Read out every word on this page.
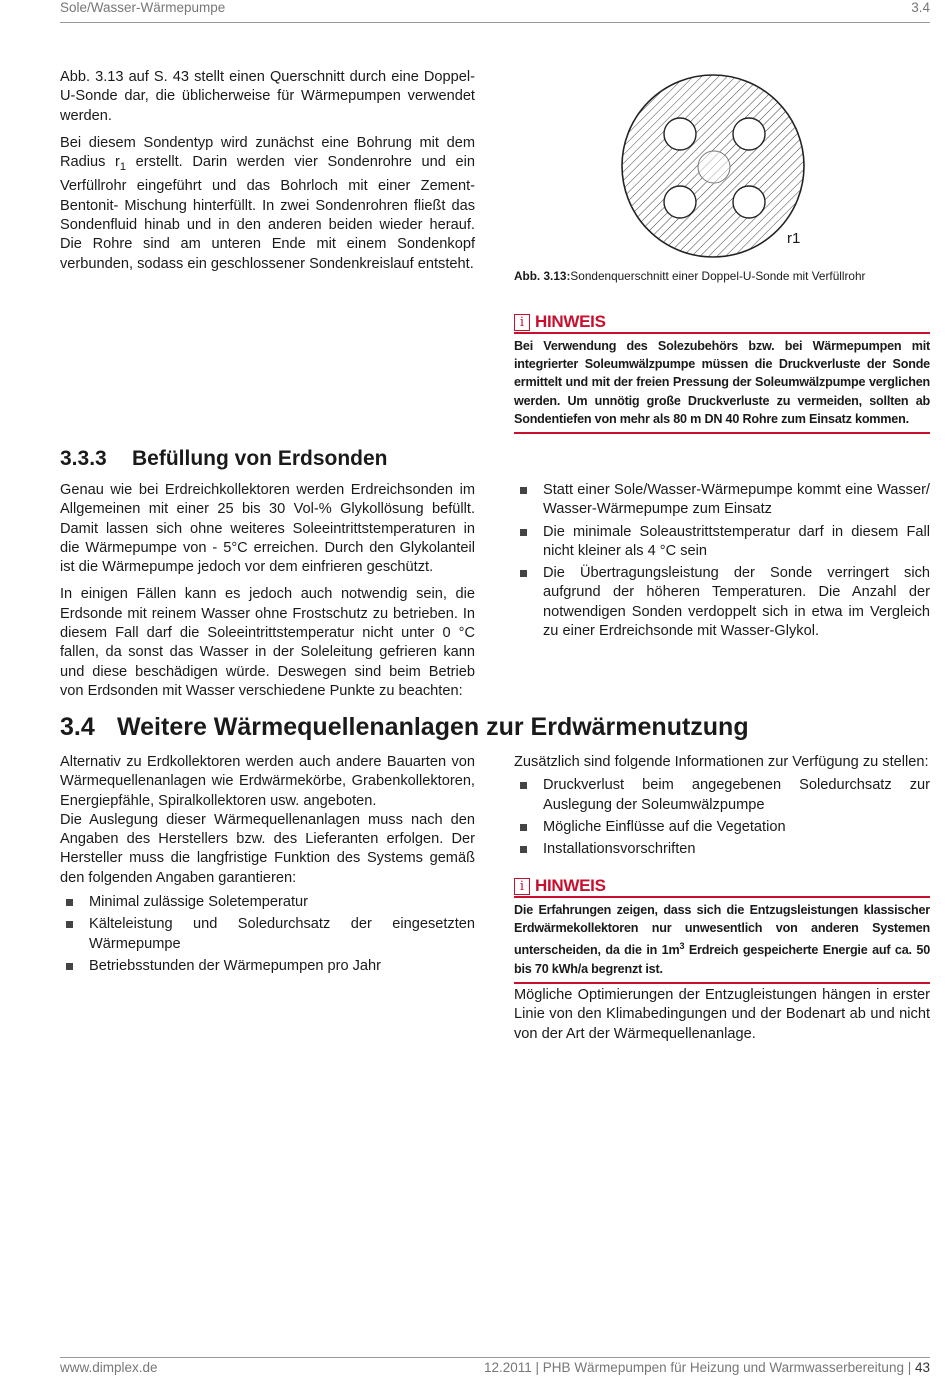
Sole/Wasser-Wärmepumpe	3.4

Abb. 3.13 auf S. 43 stellt einen Querschnitt durch eine Doppel-U-Sonde dar, die üblicherweise für Wärmepumpen verwendet werden.

Bei diesem Sondentyp wird zunächst eine Bohrung mit dem Radius $r_1$ erstellt. Darin werden vier Sondenrohre und ein Verfüllrohr eingeführt und das Bohrloch mit einer Zement- Bentonit- Mischung hinterfüllt. In zwei Sondenrohren fließt das Sondenfluid hinab und in den anderen beiden wieder herauf. Die Rohre sind am unteren Ende mit einem Sondenkopf verbunden, sodass ein geschlossener Sondenkreislauf entsteht.

r1
Abb. 3.13:Sondenquerschnitt einer Doppel-U-Sonde mit Verfüllrohr
i HINWEIS
Bei Verwendung des Solezubehörs bzw. bei Wärmepumpen mit integrierter Soleumwälzpumpe müssen die Druckverluste der Sonde ermittelt und mit der freien Pressung der Soleumwälzpumpe verglichen werden. Um unnötig große Druckverluste zu vermeiden, sollten ab Sondentiefen von mehr als 80 m DN 40 Rohre zum Einsatz kommen.
3.3.3 Befüllung von Erdsonden

Genau wie bei Erdreichkollektoren werden Erdreichsonden im Allgemeinen mit einer 25 bis 30 Vol-% Glykollösung befüllt. Damit lassen sich ohne weiteres Soleeintrittstemperaturen in die Wärmepumpe von - 5°C erreichen. Durch den Glykolanteil ist die Wärmepumpe jedoch vor dem einfrieren geschützt.

In einigen Fällen kann es jedoch auch notwendig sein, die Erdsonde mit reinem Wasser ohne Frostschutz zu betrieben. In diesem Fall darf die Soleeintrittstemperatur nicht unter 0 °C fallen, da sonst das Wasser in der Soleleitung gefrieren kann und diese beschädigen würde. Deswegen sind beim Betrieb von Erdsonden mit Wasser verschiedene Punkte zu beachten:

Statt einer Sole/Wasser-Wärmepumpe kommt eine Wasser/ Wasser-Wärmepumpe zum Einsatz
Die minimale Soleaustrittstemperatur darf in diesem Fall nicht kleiner als 4 °C sein
Die Übertragungsleistung der Sonde verringert sich aufgrund der höheren Temperaturen. Die Anzahl der notwendigen Sonden verdoppelt sich in etwa im Vergleich zu einer Erdreichsonde mit Wasser-Glykol.
3.4 Weitere Wärmequellenanlagen zur Erdwärmenutzung

Alternativ zu Erdkollektoren werden auch andere Bauarten von Wärmequellenanlagen wie Erdwärmekörbe, Grabenkollektoren, Energiepfähle, Spiralkollektoren usw. angeboten.

Die Auslegung dieser Wärmequellenanlagen muss nach den Angaben des Herstellers bzw. des Lieferanten erfolgen. Der Hersteller muss die langfristige Funktion des Systems gemäß den folgenden Angaben garantieren:

Minimal zulässige Soletemperatur
Kälteleistung und Soledurchsatz der eingesetzten Wärmepumpe
Betriebsstunden der Wärmepumpen pro Jahr

Zusätzlich sind folgende Informationen zur Verfügung zu stellen:

Druckverlust beim angegebenen Soledurchsatz zur Auslegung der Soleumwälzpumpe
Mögliche Einflüsse auf die Vegetation
Installationsvorschriften
i HINWEIS
Die Erfahrungen zeigen, dass sich die Entzugsleistungen klassischer Erdwärmekollektoren nur unwesentlich von anderen Systemen unterscheiden, da die in $1m^3$ Erdreich gespeicherte Energie auf ca. 50 bis 70 kWh/a begrenzt ist.

Mögliche Optimierungen der Entzugleistungen hängen in erster Linie von den Klimabedingungen und der Bodenart ab und nicht von der Art der Wärmequellenanlage.

www.dimplex.de	12.2011 | PHB Wärmepumpen für Heizung und Warmwasserbereitung | 43
